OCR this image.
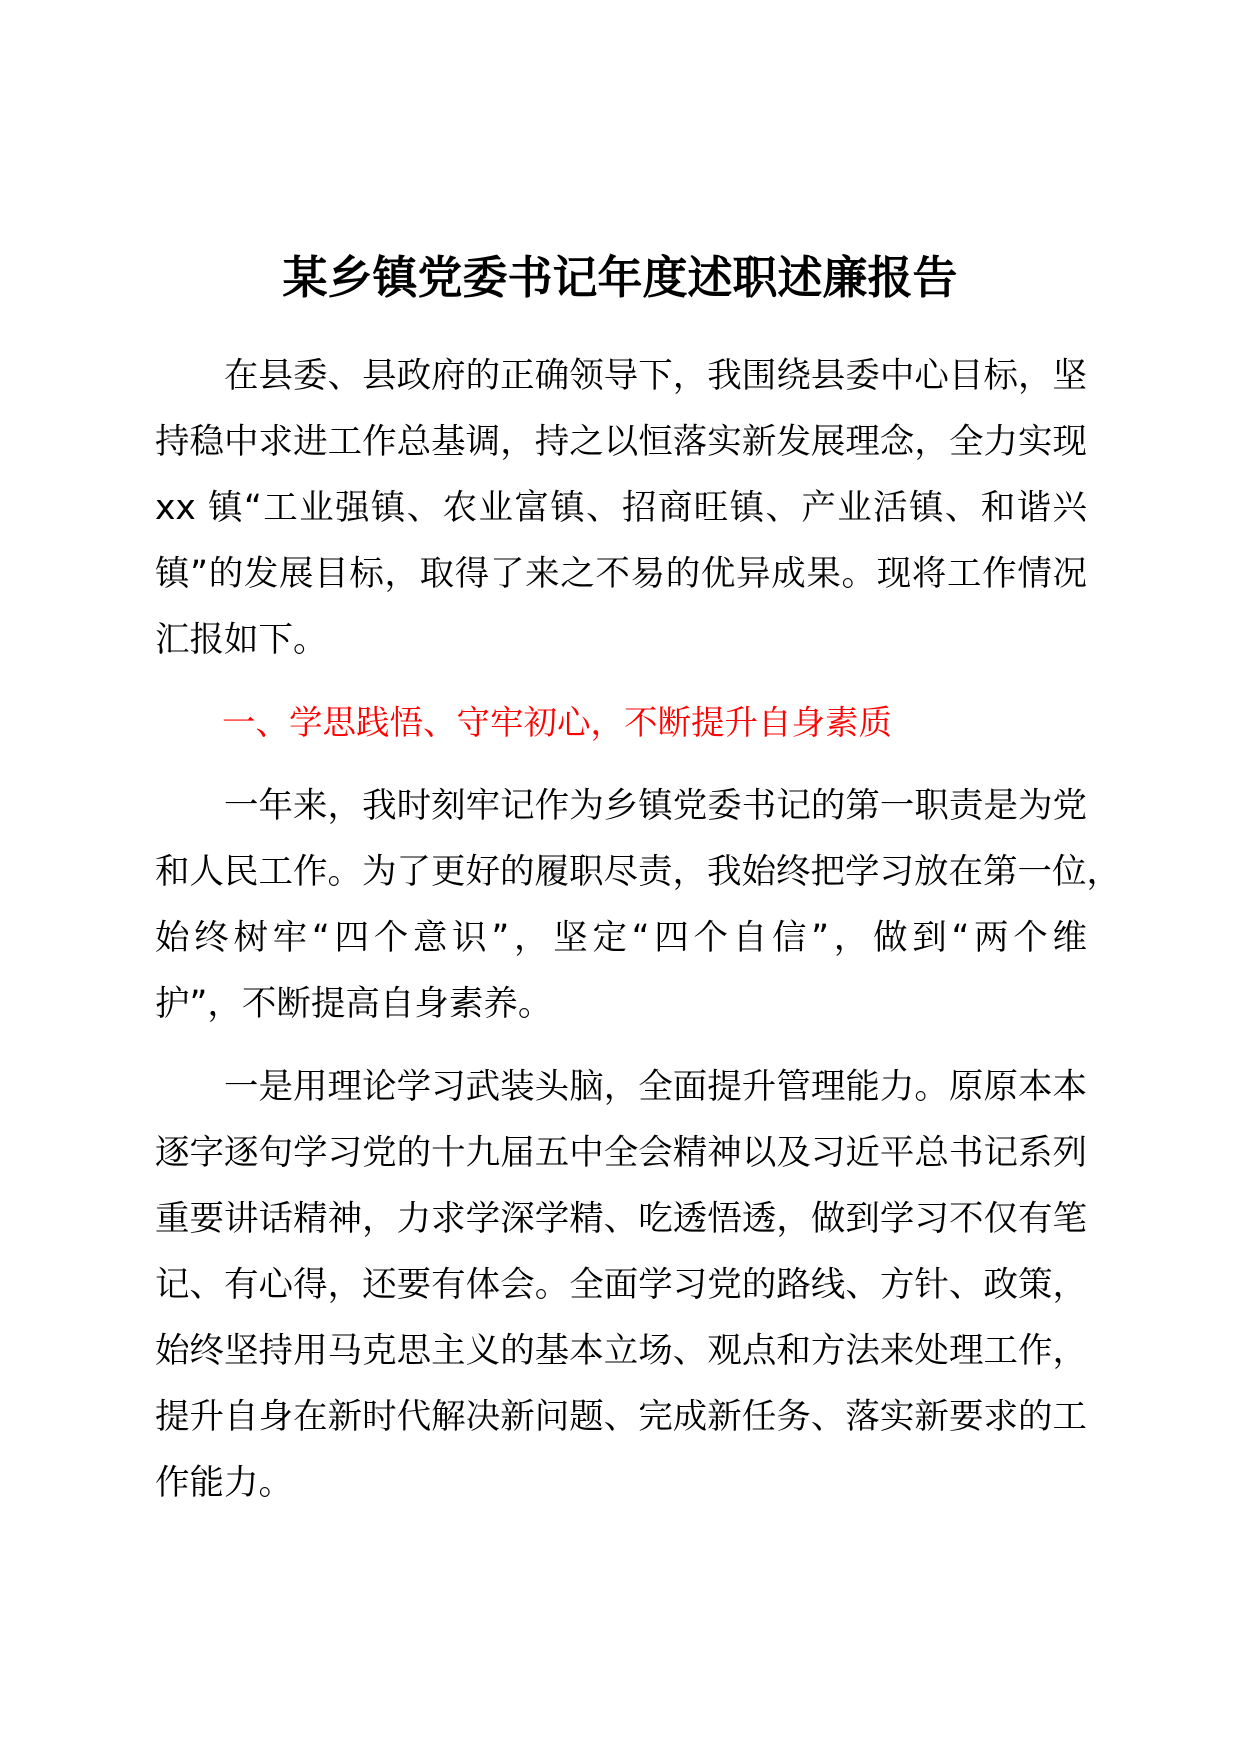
某乡镇党委书记年度述职述廉报告
在县委、县政府的正确领导下，我围绕县委中心目标，坚
持稳中求进工作总基调，持之以恒落实新发展理念，全力实现
xx 镇“工业强镇、农业富镇、招商旺镇、产业活镇、和谐兴
镇”的发展目标，取得了来之不易的优异成果。现将工作情况
汇报如下。
一、学思践悟、守牢初心，不断提升自身素质
一年来，我时刻牢记作为乡镇党委书记的第一职责是为党
和人民工作。为了更好的履职尽责，我始终把学习放在第一位，
始终树牢“四个意识”，坚定“四个自信”，做到“两个维
护”，不断提高自身素养。
一是用理论学习武装头脑，全面提升管理能力。原原本本
逐字逐句学习党的十九届五中全会精神以及习近平总书记系列
重要讲话精神，力求学深学精、吃透悟透，做到学习不仅有笔
记、有心得，还要有体会。全面学习党的路线、方针、政策，
始终坚持用马克思主义的基本立场、观点和方法来处理工作，
提升自身在新时代解决新问题、完成新任务、落实新要求的工
作能力。
